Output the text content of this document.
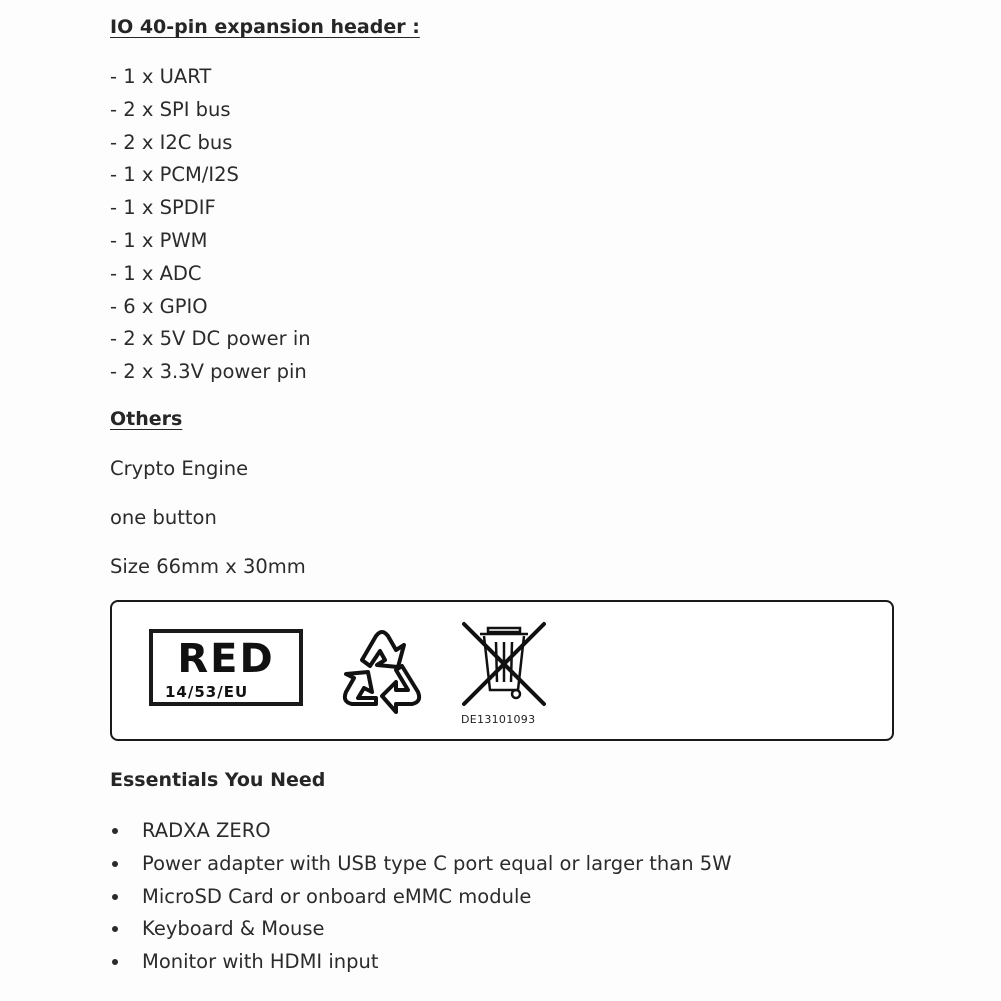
IO 40-pin expansion header :
- 1 x UART
- 2 x SPI bus
- 2 x I2C bus
- 1 x PCM/I2S
- 1 x SPDIF
- 1 x PWM
- 1 x ADC
- 6 x GPIO
- 2 x 5V DC power in
- 2 x 3.3V power pin
Others
Crypto Engine
one button
Size 66mm x 30mm
RED
14/53/EU
DE13101093
Essentials You Need
RADXA ZERO
Power adapter with USB type C port equal or larger than 5W
MicroSD Card or onboard eMMC module
Keyboard & Mouse
Monitor with HDMI input
